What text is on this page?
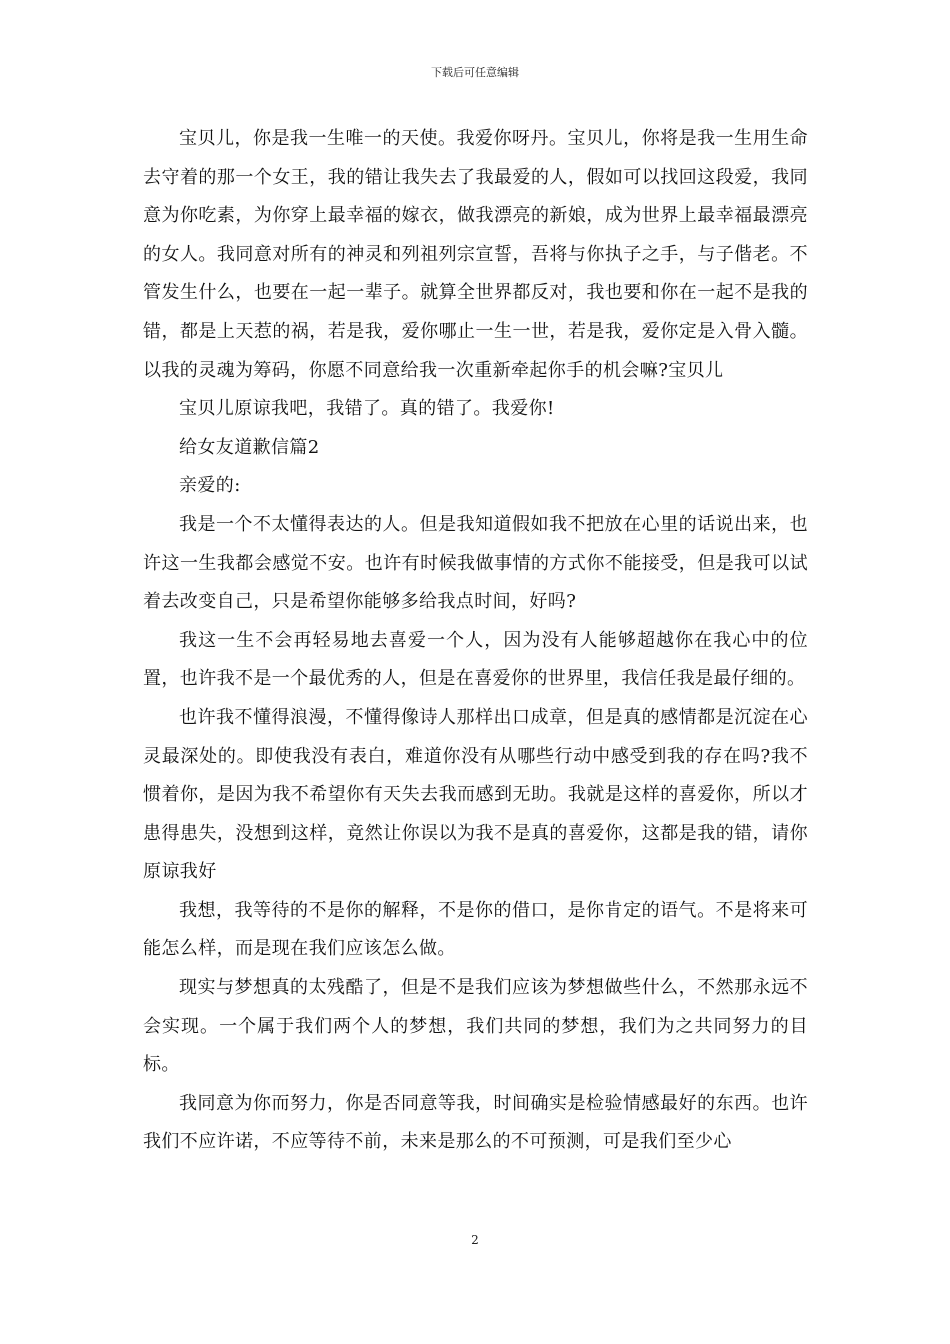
下载后可任意编辑

宝贝儿，你是我一生唯一的天使。我爱你呀丹。宝贝儿，你将是我一生用生命去守着的那一个女王，我的错让我失去了我最爱的人，假如可以找回这段爱，我同意为你吃素，为你穿上最幸福的嫁衣，做我漂亮的新娘，成为世界上最幸福最漂亮的女人。我同意对所有的神灵和列祖列宗宣誓，吾将与你执子之手，与子偕老。不管发生什么，也要在一起一辈子。就算全世界都反对，我也要和你在一起不是我的错，都是上天惹的祸，若是我，爱你哪止一生一世，若是我，爱你定是入骨入髓。以我的灵魂为筹码，你愿不同意给我一次重新牵起你手的机会嘛?宝贝儿

宝贝儿原谅我吧，我错了。真的错了。我爱你!

给女友道歉信篇2

亲爱的:

我是一个不太懂得表达的人。但是我知道假如我不把放在心里的话说出来，也许这一生我都会感觉不安。也许有时候我做事情的方式你不能接受，但是我可以试着去改变自己，只是希望你能够多给我点时间，好吗?

我这一生不会再轻易地去喜爱一个人，因为没有人能够超越你在我心中的位置，也许我不是一个最优秀的人，但是在喜爱你的世界里，我信任我是最仔细的。

也许我不懂得浪漫，不懂得像诗人那样出口成章，但是真的感情都是沉淀在心灵最深处的。即使我没有表白，难道你没有从哪些行动中感受到我的存在吗?我不惯着你，是因为我不希望你有天失去我而感到无助。我就是这样的喜爱你，所以才患得患失，没想到这样，竟然让你误以为我不是真的喜爱你，这都是我的错，请你原谅我好

我想，我等待的不是你的解释，不是你的借口，是你肯定的语气。不是将来可能怎么样，而是现在我们应该怎么做。

现实与梦想真的太残酷了，但是不是我们应该为梦想做些什么，不然那永远不会实现。一个属于我们两个人的梦想，我们共同的梦想，我们为之共同努力的目标。

我同意为你而努力，你是否同意等我，时间确实是检验情感最好的东西。也许我们不应许诺，不应等待不前，未来是那么的不可预测，可是我们至少心

2
